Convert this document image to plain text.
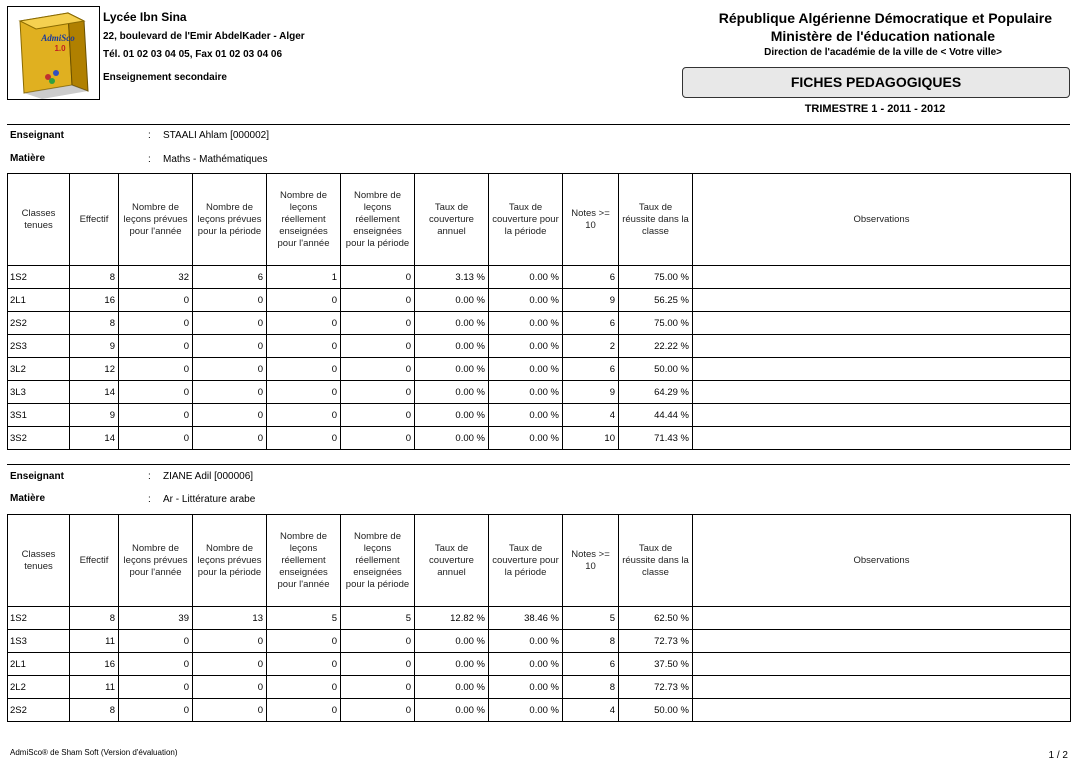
AdmiSco
1.0
Lycée Ibn Sina
22, boulevard de l'Emir AbdelKader - Alger
Tél. 01 02 03 04 05, Fax 01 02 03 04 06
Enseignement secondaire
République Algérienne Démocratique et Populaire
Ministère de l'éducation nationale
Direction de l'académie de la ville de < Votre ville>
FICHES PEDAGOGIQUES
TRIMESTRE 1 - 2011 - 2012
Enseignant	: STAALI Ahlam [000002]
Matière	: Maths - Mathématiques
Classes tenues	Effectif	Nombre de leçons prévues pour l'année	Nombre de leçons prévues pour la période	Nombre de leçons réellement enseignées pour l'année	Nombre de leçons réellement enseignées pour la période	Taux de couverture annuel	Taux de couverture pour la période	Notes >= 10	Taux de réussite dans la classe	Observations
1S2	8	32	6	1	0	3.13 %	0.00 %	6	75.00 %	
2L1	16	0	0	0	0	0.00 %	0.00 %	9	56.25 %	
2S2	8	0	0	0	0	0.00 %	0.00 %	6	75.00 %	
2S3	9	0	0	0	0	0.00 %	0.00 %	2	22.22 %	
3L2	12	0	0	0	0	0.00 %	0.00 %	6	50.00 %	
3L3	14	0	0	0	0	0.00 %	0.00 %	9	64.29 %	
3S1	9	0	0	0	0	0.00 %	0.00 %	4	44.44 %	
3S2	14	0	0	0	0	0.00 %	0.00 %	10	71.43 %	
Enseignant	: ZIANE Adil [000006]
Matière	: Ar - Littérature arabe
Classes tenues	Effectif	Nombre de leçons prévues pour l'année	Nombre de leçons prévues pour la période	Nombre de leçons réellement enseignées pour l'année	Nombre de leçons réellement enseignées pour la période	Taux de couverture annuel	Taux de couverture pour la période	Notes >= 10	Taux de réussite dans la classe	Observations
1S2	8	39	13	5	5	12.82 %	38.46 %	5	62.50 %	
1S3	11	0	0	0	0	0.00 %	0.00 %	8	72.73 %	
2L1	16	0	0	0	0	0.00 %	0.00 %	6	37.50 %	
2L2	11	0	0	0	0	0.00 %	0.00 %	8	72.73 %	
2S2	8	0	0	0	0	0.00 %	0.00 %	4	50.00 %	
AdmiSco® de Sham Soft (Version d'évaluation)	1 / 2
